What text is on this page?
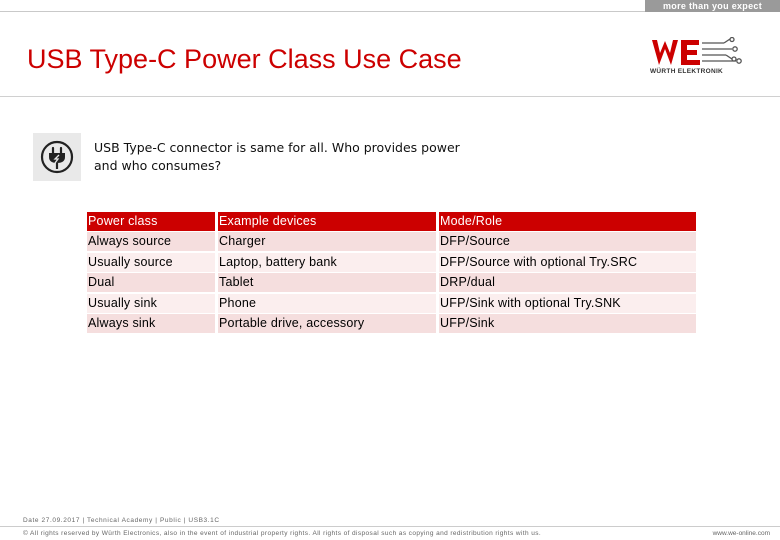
more than you expect
USB Type-C Power Class Use Case	WÜRTH ELEKTRONIK
USB Type-C connector is same for all. Who provides power and who consumes?
Power class	Example devices	Mode/Role
Always source	Charger	DFP/Source
Usually source	Laptop, battery bank	DFP/Source with optional Try.SRC
Dual	Tablet	DRP/dual
Usually sink	Phone	UFP/Sink with optional Try.SNK
Always sink	Portable drive, accessory	UFP/Sink
Date 27.09.2017 | Technical Academy | Public | USB3.1C
© All rights reserved by Würth Electronics, also in the event of industrial property rights. All rights of disposal such as copying and redistribution rights with us.	www.we-online.com
